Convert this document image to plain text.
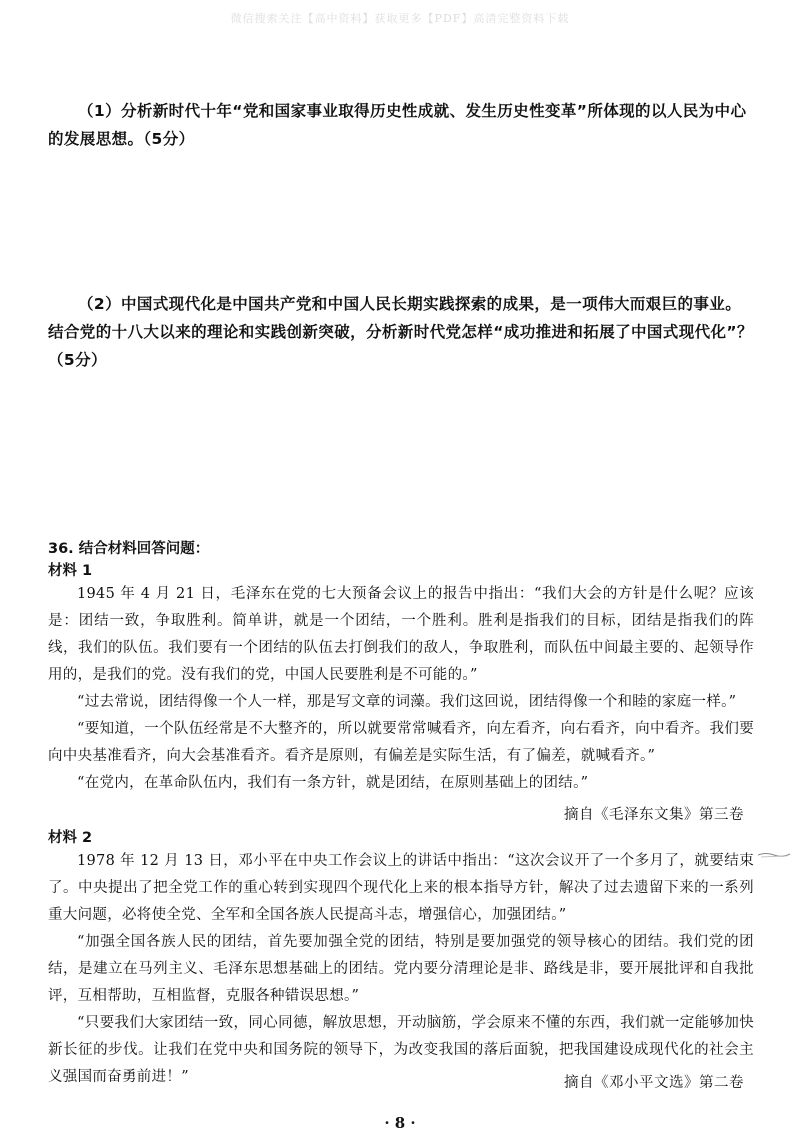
微信搜索关注【高中资料】获取更多【PDF】高清完整资料下载
（1）分析新时代十年“党和国家事业取得历史性成就、发生历史性变革”所体现的以人民为中心的发展思想。（5分）
（2）中国式现代化是中国共产党和中国人民长期实践探索的成果，是一项伟大而艰巨的事业。结合党的十八大以来的理论和实践创新突破，分析新时代党怎样“成功推进和拓展了中国式现代化”？（5分）
36. 结合材料回答问题：
材料 1

1945 年 4 月 21 日，毛泽东在党的七大预备会议上的报告中指出：“我们大会的方针是什么呢？应该是：团结一致，争取胜利。简单讲，就是一个团结，一个胜利。胜利是指我们的目标，团结是指我们的阵线，我们的队伍。我们要有一个团结的队伍去打倒我们的敌人，争取胜利，而队伍中间最主要的、起领导作用的，是我们的党。没有我们的党，中国人民要胜利是不可能的。”

“过去常说，团结得像一个人一样，那是写文章的词藻。我们这回说，团结得像一个和睦的家庭一样。”

“要知道，一个队伍经常是不大整齐的，所以就要常常喊看齐，向左看齐，向右看齐，向中看齐。我们要向中央基准看齐，向大会基准看齐。看齐是原则，有偏差是实际生活，有了偏差，就喊看齐。”

“在党内，在革命队伍内，我们有一条方针，就是团结，在原则基础上的团结。”

摘自《毛泽东文集》第三卷
材料 2

1978 年 12 月 13 日，邓小平在中央工作会议上的讲话中指出：“这次会议开了一个多月了，就要结束了。中央提出了把全党工作的重心转到实现四个现代化上来的根本指导方针，解决了过去遗留下来的一系列重大问题，必将使全党、全军和全国各族人民提高斗志，增强信心，加强团结。”

“加强全国各族人民的团结，首先要加强全党的团结，特别是要加强党的领导核心的团结。我们党的团结，是建立在马列主义、毛泽东思想基础上的团结。党内要分清理论是非、路线是非，要开展批评和自我批评，互相帮助，互相监督，克服各种错误思想。”

“只要我们大家团结一致，同心同德，解放思想，开动脑筋，学会原来不懂的东西，我们就一定能够加快新长征的步伐。让我们在党中央和国务院的领导下，为改变我国的落后面貌，把我国建设成现代化的社会主义强国而奋勇前进！”	摘自《邓小平文选》第二卷
· 8 ·
